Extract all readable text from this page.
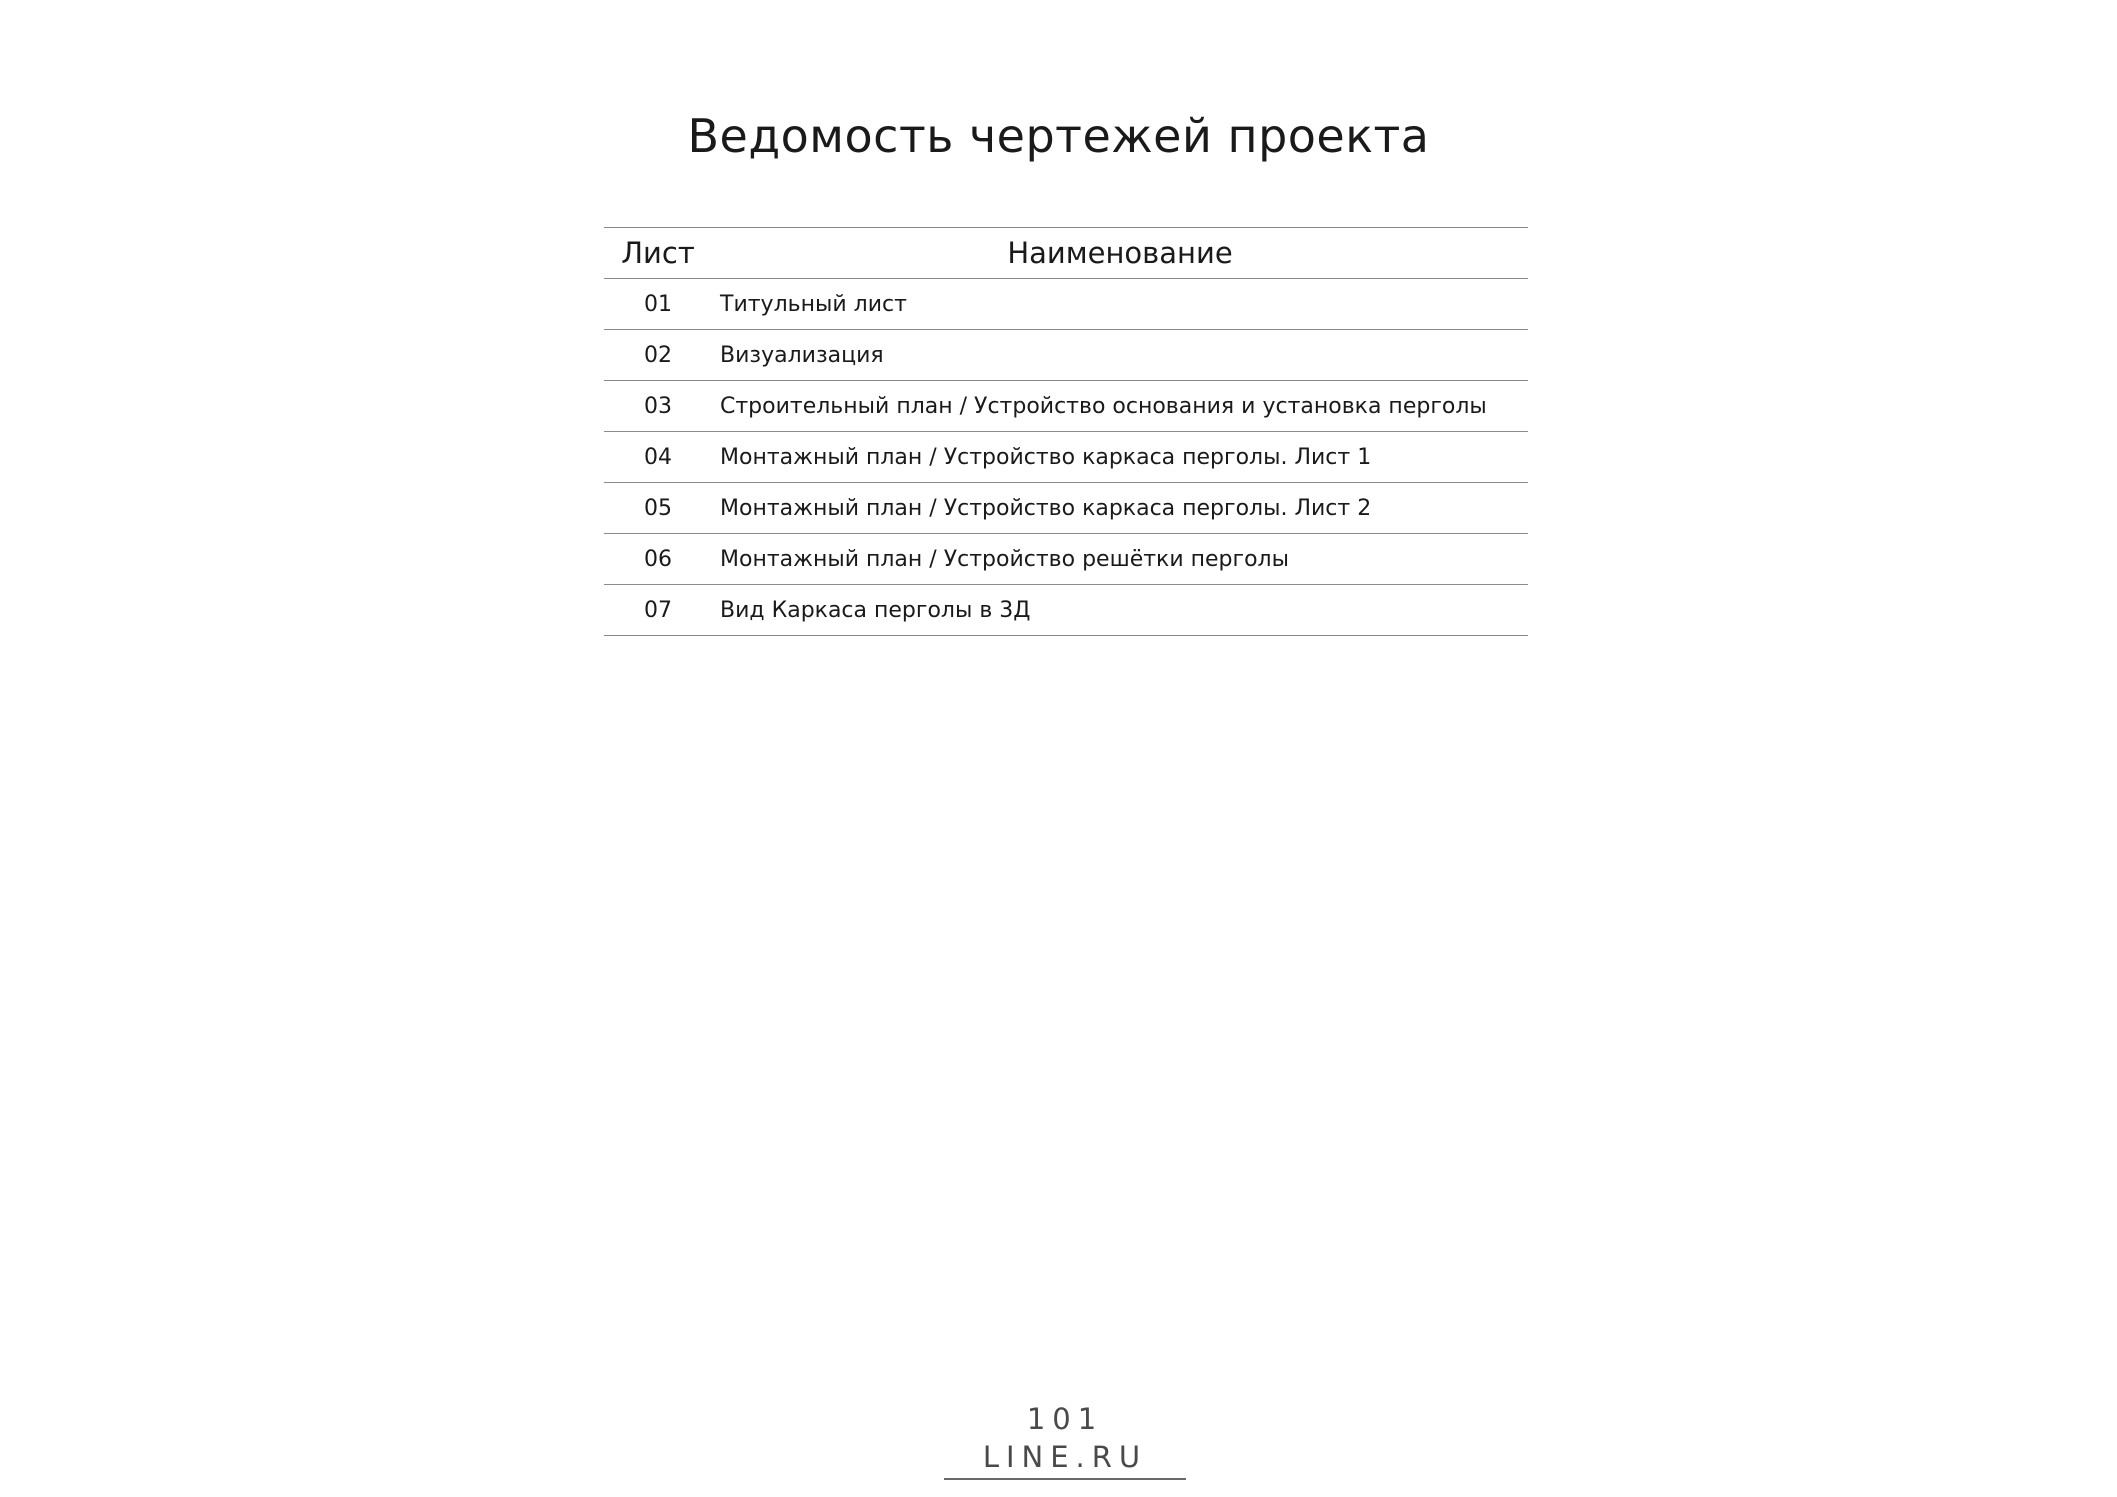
Ведомость чертежей проекта
Лист	Наименование
01	Титульный лист
02	Визуализация
03	Строительный план / Устройство основания и установка перголы
04	Монтажный план / Устройство каркаса перголы. Лист 1
05	Монтажный план / Устройство каркаса перголы. Лист 2
06	Монтажный план / Устройство решётки перголы
07	Вид Каркаса перголы в 3Д
101 LINE.RU
